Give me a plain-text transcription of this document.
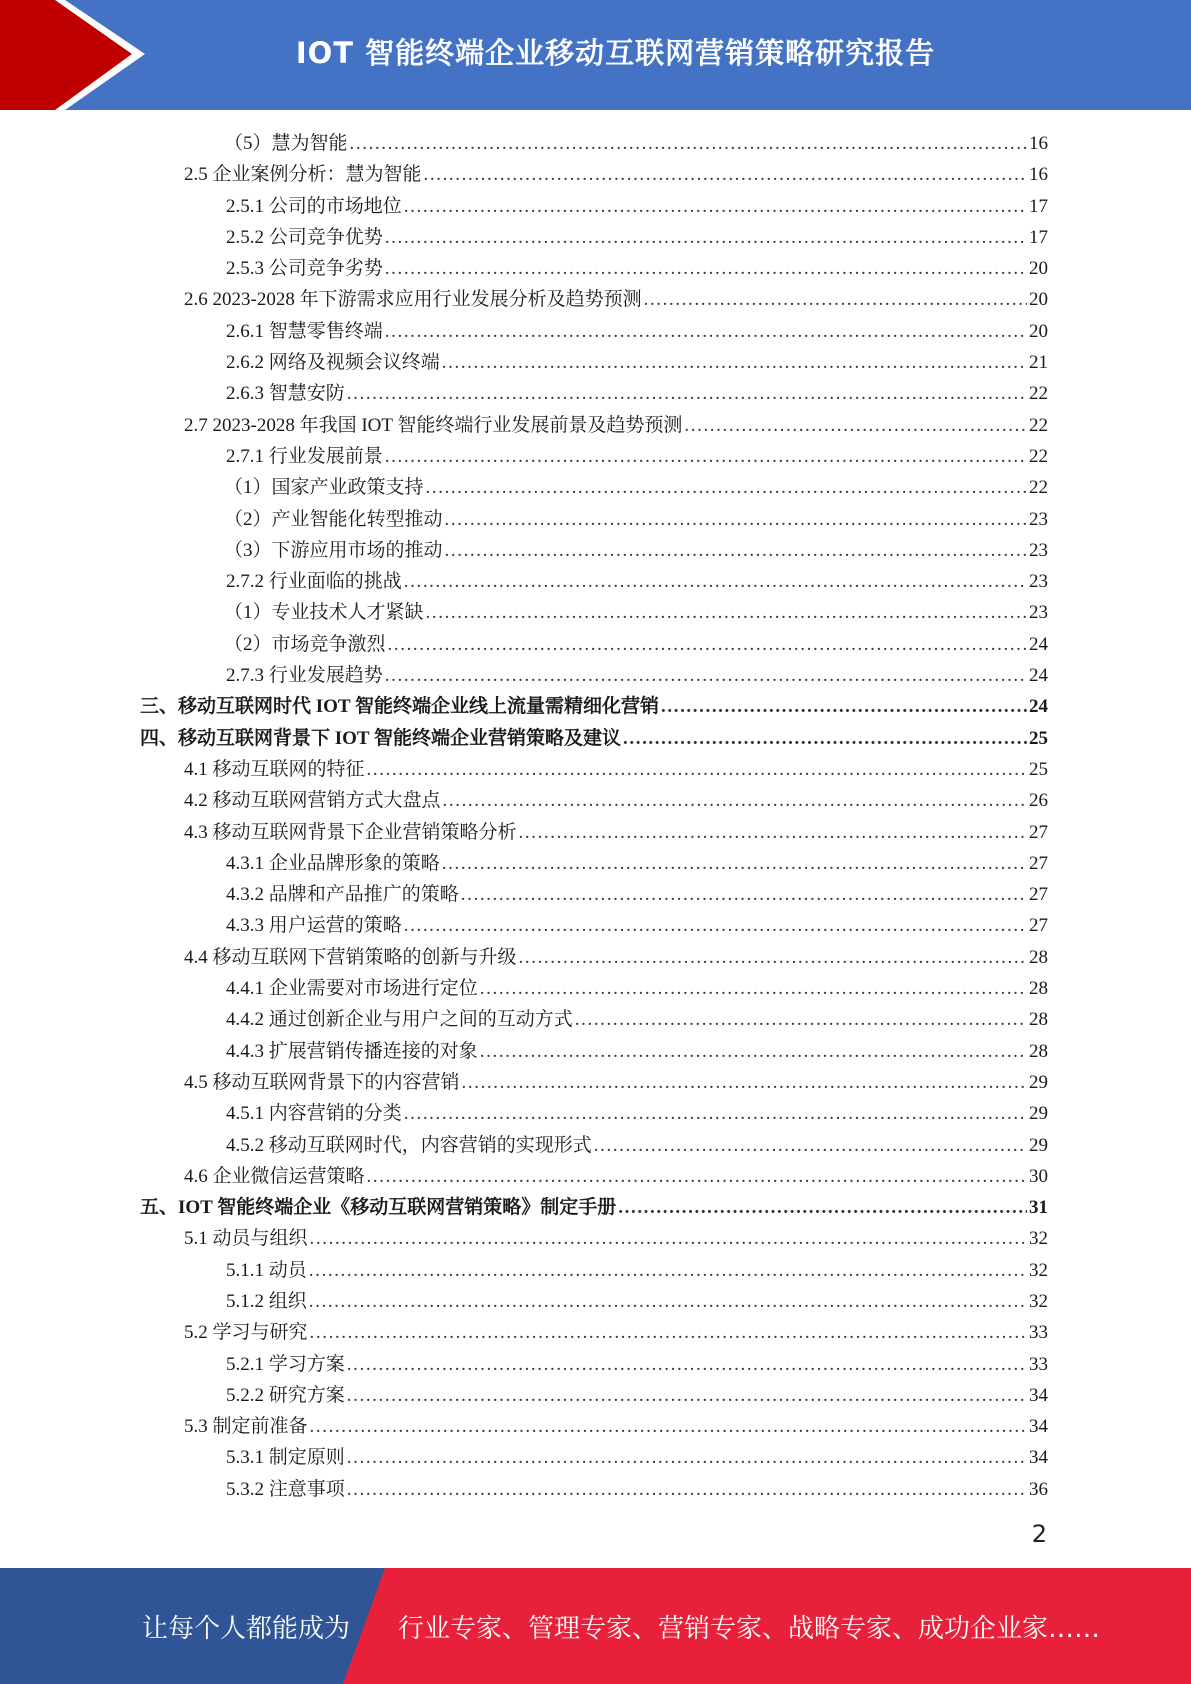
IOT 智能终端企业移动互联网营销策略研究报告
（5）慧为智能 .....	16
2.5 企业案例分析：慧为智能 .....	16
2.5.1 公司的市场地位 .....	17
2.5.2 公司竞争优势 .....	17
2.5.3 公司竞争劣势 .....	20
2.6 2023-2028 年下游需求应用行业发展分析及趋势预测 .....	20
2.6.1 智慧零售终端 .....	20
2.6.2 网络及视频会议终端 .....	21
2.6.3 智慧安防 .....	22
2.7 2023-2028 年我国 IOT 智能终端行业发展前景及趋势预测 .....	22
2.7.1 行业发展前景 .....	22
（1）国家产业政策支持 .....	22
（2）产业智能化转型推动 .....	23
（3）下游应用市场的推动 .....	23
2.7.2 行业面临的挑战 .....	23
（1）专业技术人才紧缺 .....	23
（2）市场竞争激烈 .....	24
2.7.3 行业发展趋势 .....	24
三、移动互联网时代 IOT 智能终端企业线上流量需精细化营销 .....	24
四、移动互联网背景下 IOT 智能终端企业营销策略及建议 .....	25
4.1 移动互联网的特征 .....	25
4.2 移动互联网营销方式大盘点 .....	26
4.3 移动互联网背景下企业营销策略分析 .....	27
4.3.1 企业品牌形象的策略 .....	27
4.3.2 品牌和产品推广的策略 .....	27
4.3.3 用户运营的策略 .....	27
4.4 移动互联网下营销策略的创新与升级 .....	28
4.4.1 企业需要对市场进行定位 .....	28
4.4.2 通过创新企业与用户之间的互动方式 .....	28
4.4.3 扩展营销传播连接的对象 .....	28
4.5 移动互联网背景下的内容营销 .....	29
4.5.1 内容营销的分类 .....	29
4.5.2 移动互联网时代，内容营销的实现形式 .....	29
4.6 企业微信运营策略 .....	30
五、IOT 智能终端企业《移动互联网营销策略》制定手册 .....	31
5.1 动员与组织 .....	32
5.1.1 动员 .....	32
5.1.2 组织 .....	32
5.2 学习与研究 .....	33
5.2.1 学习方案 .....	33
5.2.2 研究方案 .....	34
5.3 制定前准备 .....	34
5.3.1 制定原则 .....	34
5.3.2 注意事项 .....	36
2
让每个人都能成为 行业专家、管理专家、营销专家、战略专家、成功企业家……
